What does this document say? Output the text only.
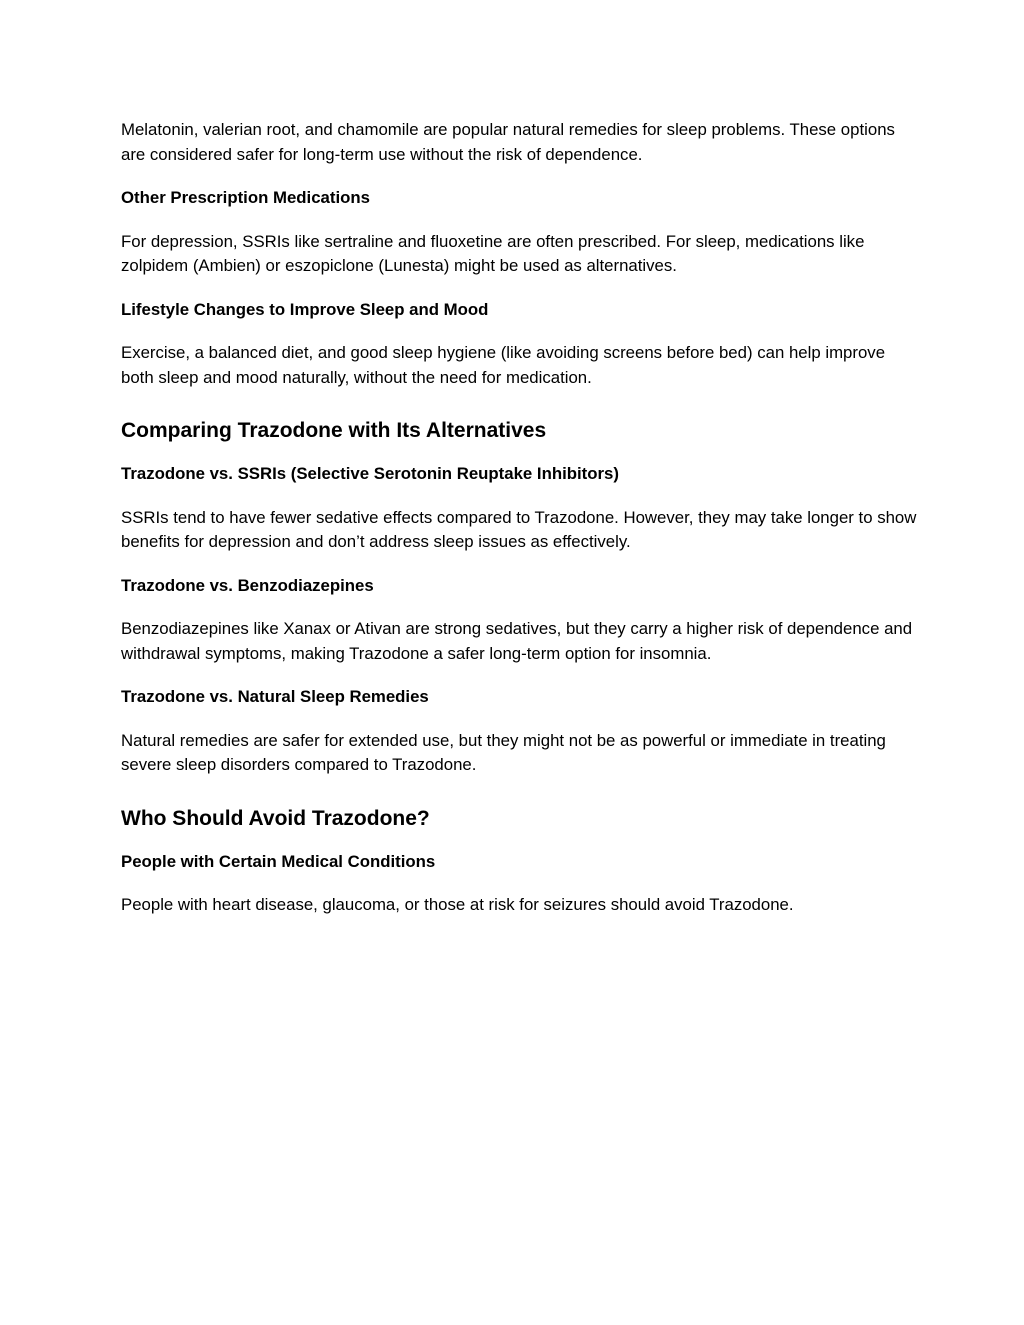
Melatonin, valerian root, and chamomile are popular natural remedies for sleep problems. These options are considered safer for long-term use without the risk of dependence.

Other Prescription Medications

For depression, SSRIs like sertraline and fluoxetine are often prescribed. For sleep, medications like zolpidem (Ambien) or eszopiclone (Lunesta) might be used as alternatives.

Lifestyle Changes to Improve Sleep and Mood

Exercise, a balanced diet, and good sleep hygiene (like avoiding screens before bed) can help improve both sleep and mood naturally, without the need for medication.

Comparing Trazodone with Its Alternatives
Trazodone vs. SSRIs (Selective Serotonin Reuptake Inhibitors)

SSRIs tend to have fewer sedative effects compared to Trazodone. However, they may take longer to show benefits for depression and don’t address sleep issues as effectively.

Trazodone vs. Benzodiazepines

Benzodiazepines like Xanax or Ativan are strong sedatives, but they carry a higher risk of dependence and withdrawal symptoms, making Trazodone a safer long-term option for insomnia.

Trazodone vs. Natural Sleep Remedies

Natural remedies are safer for extended use, but they might not be as powerful or immediate in treating severe sleep disorders compared to Trazodone.

Who Should Avoid Trazodone?
People with Certain Medical Conditions

People with heart disease, glaucoma, or those at risk for seizures should avoid Trazodone.
